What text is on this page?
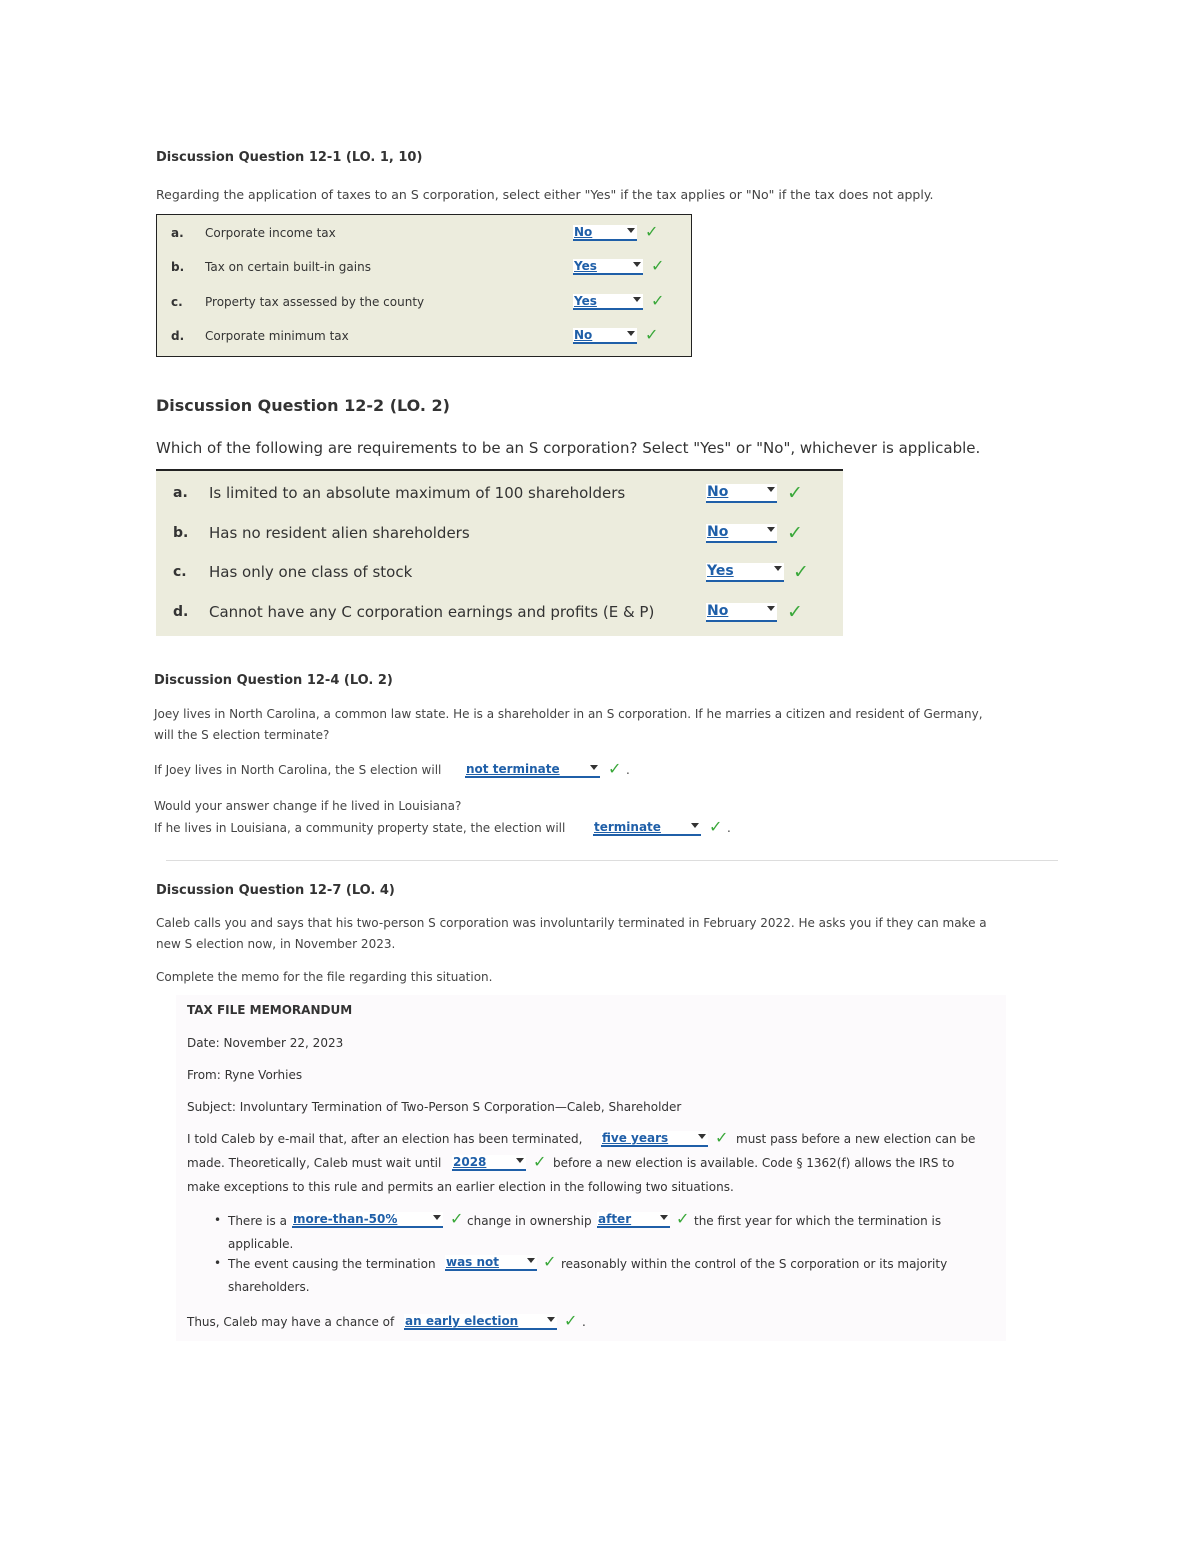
Discussion Question 12-1 (LO. 1, 10)
Regarding the application of taxes to an S corporation, select either "Yes" if the tax applies or "No" if the tax does not apply.
a. Corporate income tax	No	✓
b. Tax on certain built-in gains	Yes	✓
c. Property tax assessed by the county	Yes	✓
d. Corporate minimum tax	No	✓
Discussion Question 12-2 (LO. 2)
Which of the following are requirements to be an S corporation? Select "Yes" or "No", whichever is applicable.
a. Is limited to an absolute maximum of 100 shareholders	No	✓
b. Has no resident alien shareholders	No	✓
c. Has only one class of stock	Yes	✓
d. Cannot have any C corporation earnings and profits (E & P)	No	✓
Discussion Question 12-4 (LO. 2)
Joey lives in North Carolina, a common law state. He is a shareholder in an S corporation. If he marries a citizen and resident of Germany,
will the S election terminate?
If Joey lives in North Carolina, the S election will not terminate	✓ .
Would your answer change if he lived in Louisiana?
If he lives in Louisiana, a community property state, the election will terminate	✓ .
Discussion Question 12-7 (LO. 4)
Caleb calls you and says that his two-person S corporation was involuntarily terminated in February 2022. He asks you if they can make a
new S election now, in November 2023.
Complete the memo for the file regarding this situation.
TAX FILE MEMORANDUM
Date: November 22, 2023
From: Ryne Vorhies
Subject: Involuntary Termination of Two-Person S Corporation—Caleb, Shareholder
I told Caleb by e-mail that, after an election has been terminated, five years	✓ must pass before a new election can be
made. Theoretically, Caleb must wait until 2028	✓ before a new election is available. Code § 1362(f) allows the IRS to
make exceptions to this rule and permits an earlier election in the following two situations.
• There is a more-than-50%	✓ change in ownership after	✓ the first year for which the termination is
applicable.
• The event causing the termination was not	✓ reasonably within the control of the S corporation or its majority
shareholders.
Thus, Caleb may have a chance of an early election	✓ .
